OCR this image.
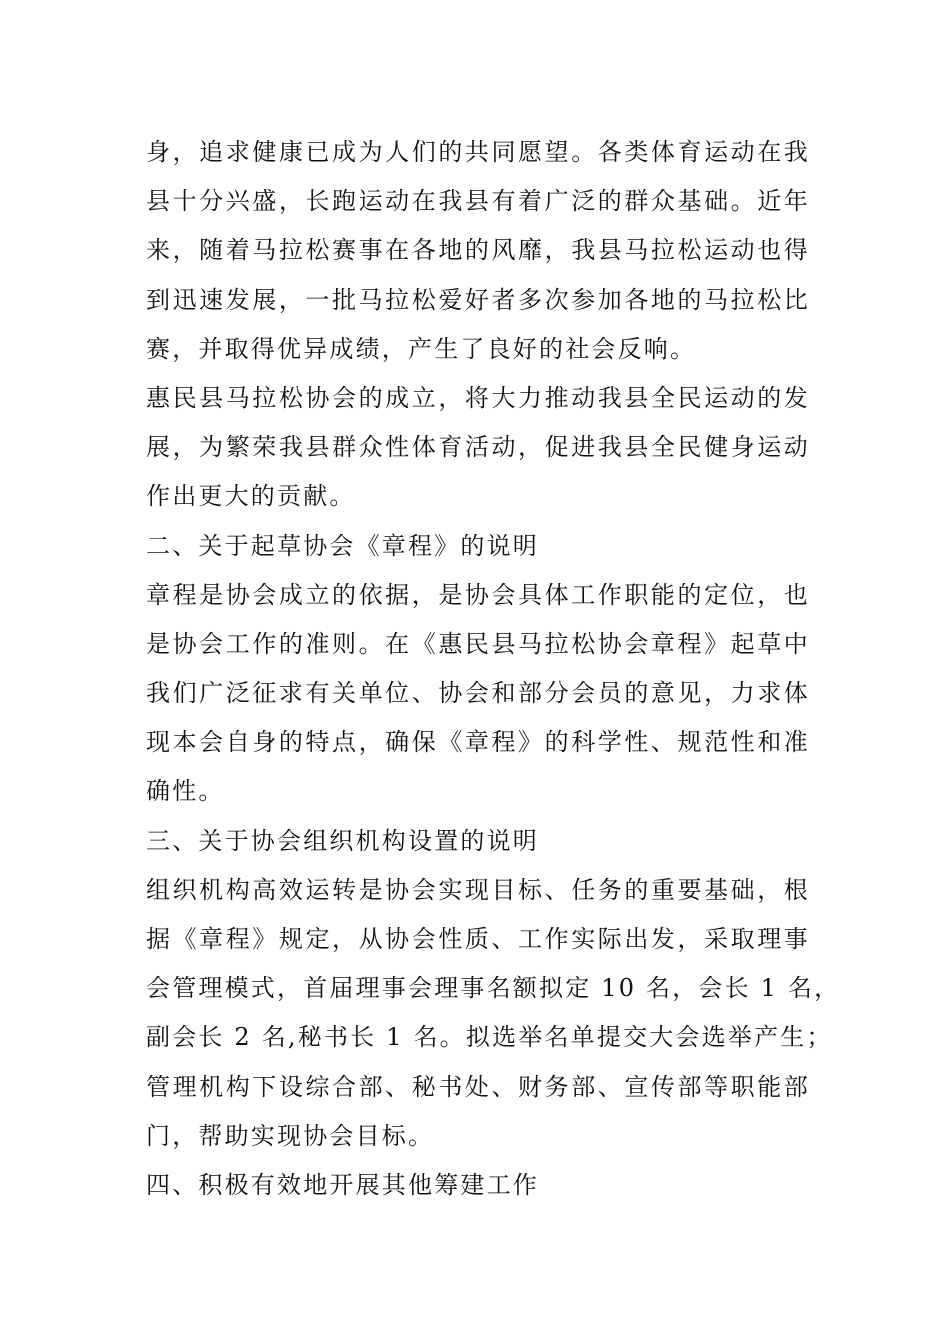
身，追求健康已成为人们的共同愿望。各类体育运动在我
县十分兴盛，长跑运动在我县有着广泛的群众基础。近年
来，随着马拉松赛事在各地的风靡，我县马拉松运动也得
到迅速发展，一批马拉松爱好者多次参加各地的马拉松比
赛，并取得优异成绩，产生了良好的社会反响。
惠民县马拉松协会的成立，将大力推动我县全民运动的发
展，为繁荣我县群众性体育活动，促进我县全民健身运动
作出更大的贡献。
二、关于起草协会《章程》的说明
章程是协会成立的依据，是协会具体工作职能的定位，也
是协会工作的准则。在《惠民县马拉松协会章程》起草中
我们广泛征求有关单位、协会和部分会员的意见，力求体
现本会自身的特点，确保《章程》的科学性、规范性和准
确性。
三、关于协会组织机构设置的说明
组织机构高效运转是协会实现目标、任务的重要基础，根
据《章程》规定，从协会性质、工作实际出发，采取理事
会管理模式，首届理事会理事名额拟定 10 名，会长 1 名，
副会长 2 名,秘书长 1 名。拟选举名单提交大会选举产生；
管理机构下设综合部、秘书处、财务部、宣传部等职能部
门，帮助实现协会目标。
四、积极有效地开展其他筹建工作
